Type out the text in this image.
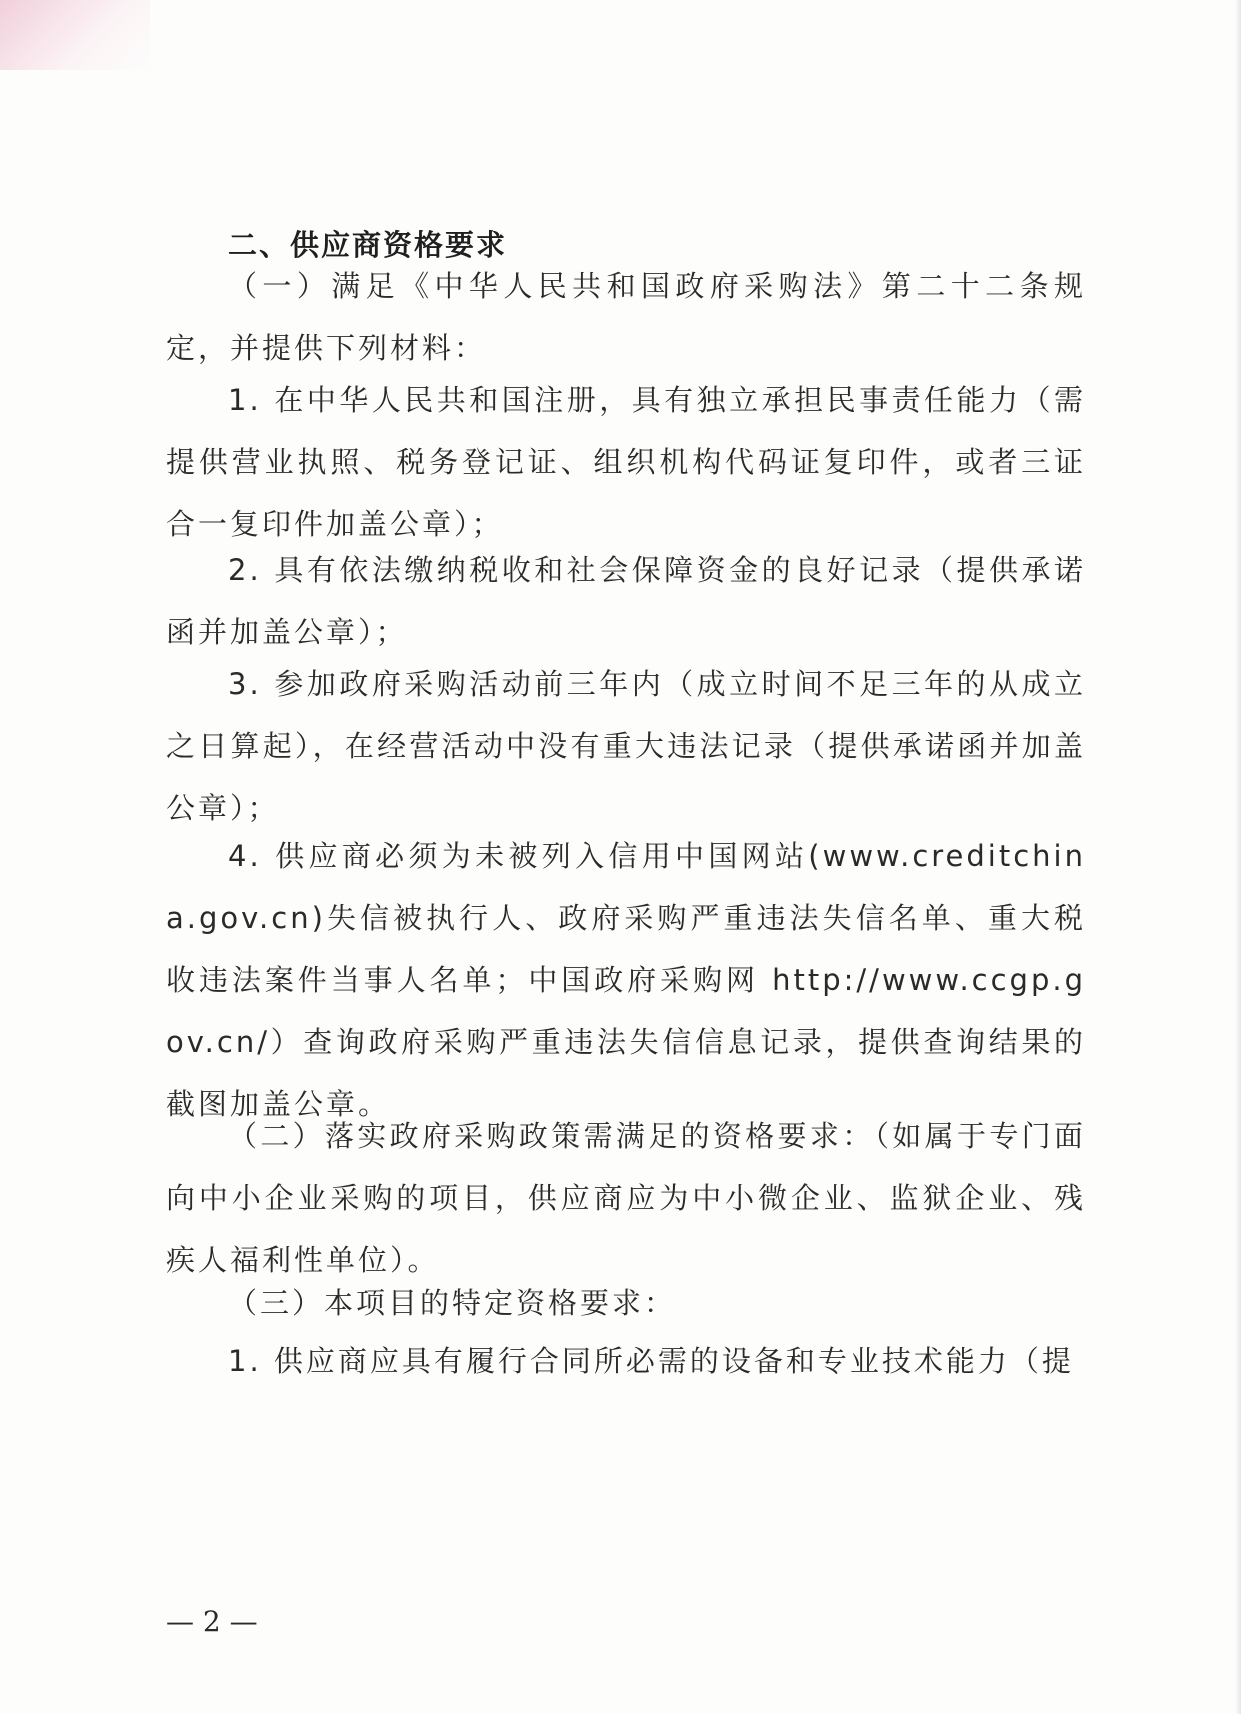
二、供应商资格要求

（一）满足《中华人民共和国政府采购法》第二十二条规定，并提供下列材料：

1. 在中华人民共和国注册，具有独立承担民事责任能力（需提供营业执照、税务登记证、组织机构代码证复印件，或者三证合一复印件加盖公章）；

2. 具有依法缴纳税收和社会保障资金的良好记录（提供承诺函并加盖公章）；

3. 参加政府采购活动前三年内（成立时间不足三年的从成立之日算起），在经营活动中没有重大违法记录（提供承诺函并加盖公章）；

4. 供应商必须为未被列入信用中国网站(www.creditchina.gov.cn)失信被执行人、政府采购严重违法失信名单、重大税收违法案件当事人名单；中国政府采购网 http://www.ccgp.gov.cn/）查询政府采购严重违法失信信息记录，提供查询结果的截图加盖公章。

（二）落实政府采购政策需满足的资格要求：（如属于专门面向中小企业采购的项目，供应商应为中小微企业、监狱企业、残疾人福利性单位）。

（三）本项目的特定资格要求：

1. 供应商应具有履行合同所必需的设备和专业技术能力（提

— 2 —
